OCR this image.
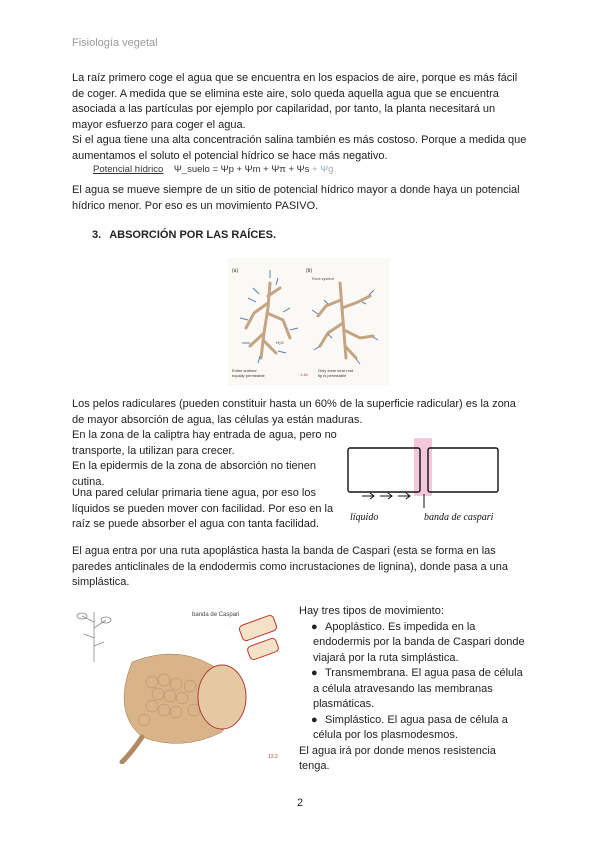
Fisiología vegetal

La raíz primero coge el agua que se encuentra en los espacios de aire, porque es más fácil de coger. A medida que se elimina este aire, solo queda aquella agua que se encuentra asociada a las partículas por ejemplo por capilaridad, por tanto, la planta necesitará un mayor esfuerzo para coger el agua.

Si el agua tiene una alta concentración salina también es más costoso. Porque a medida que aumentamos el soluto el potencial hídrico se hace más negativo.

Potencial hídrico Ψ_suelo = Ψp + Ψm + Ψπ + Ψs + Ψg

El agua se mueve siempre de un sitio de potencial hídrico mayor a donde haya un potencial hídrico menor. Por eso es un movimiento PASIVO.

3. ABSORCIÓN POR LAS RAÍCES.
(a)	(b)
Root system
H₂O
Entire surface
equally permeable
Only zone near root
tip is permeable
1.46

Los pelos radiculares (pueden constituir hasta un 60% de la superficie radicular) es la zona de mayor absorción de agua, las células ya están maduras.

En la zona de la caliptra hay entrada de agua, pero no transporte, la utilizan para crecer.

En la epidermis de la zona de absorción no tienen cutina.

Una pared celular primaria tiene agua, por eso los líquidos se pueden mover con facilidad. Por eso en la raíz se puede absorber el agua con tanta facilidad.

líquido	banda de caspari

El agua entra por una ruta apoplástica hasta la banda de Caspari (esta se forma en las paredes anticlinales de la endodermis como incrustaciones de lignina), donde pasa a una simplástica.

banda de Caspari
13.2
Hay tres tipos de movimiento:
● Apoplástico. Es impedida en la endodermis por la banda de Caspari donde viajará por la ruta simplástica.
● Transmembrana. El agua pasa de célula a célula atravesando las membranas plasmáticas.
● Simplástico. El agua pasa de célula a célula por los plasmodesmos.
El agua irá por donde menos resistencia tenga.
2
